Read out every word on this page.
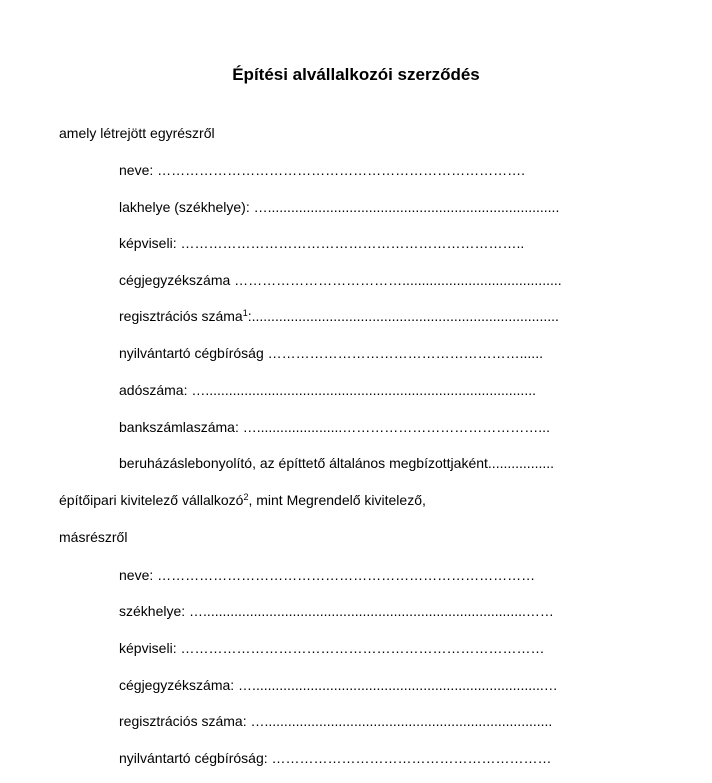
Építési alvállalkozói szerződés
amely létrejött egyrészről
neve: …………………………………………………………………….
lakhelye (székhelye): …...........................................................................
képviseli: ………………………………………………………………..
cégjegyzékszáma ……………………………….........................................
regisztrációs száma$^1$:...............................................................................
nyilvántartó cégbíróság ………………………………………………......
adószáma: ….....................................................................................
bankszámlaszáma: …......................……………………………………...
beruházáslebonyolító, az építtető általános megbízottjaként.................
építőipari kivitelező vállalkozó$^2$, mint Megrendelő kivitelező,
másrészről
neve: ………………………………………………………………………
székhelye: …...................................................................................……
képviseli: ……………………………………………………………………
cégjegyzékszáma: …...........................................................................…
regisztrációs száma: …..........................................................................
nyilvántartó cégbíróság: ……………………………………………………
